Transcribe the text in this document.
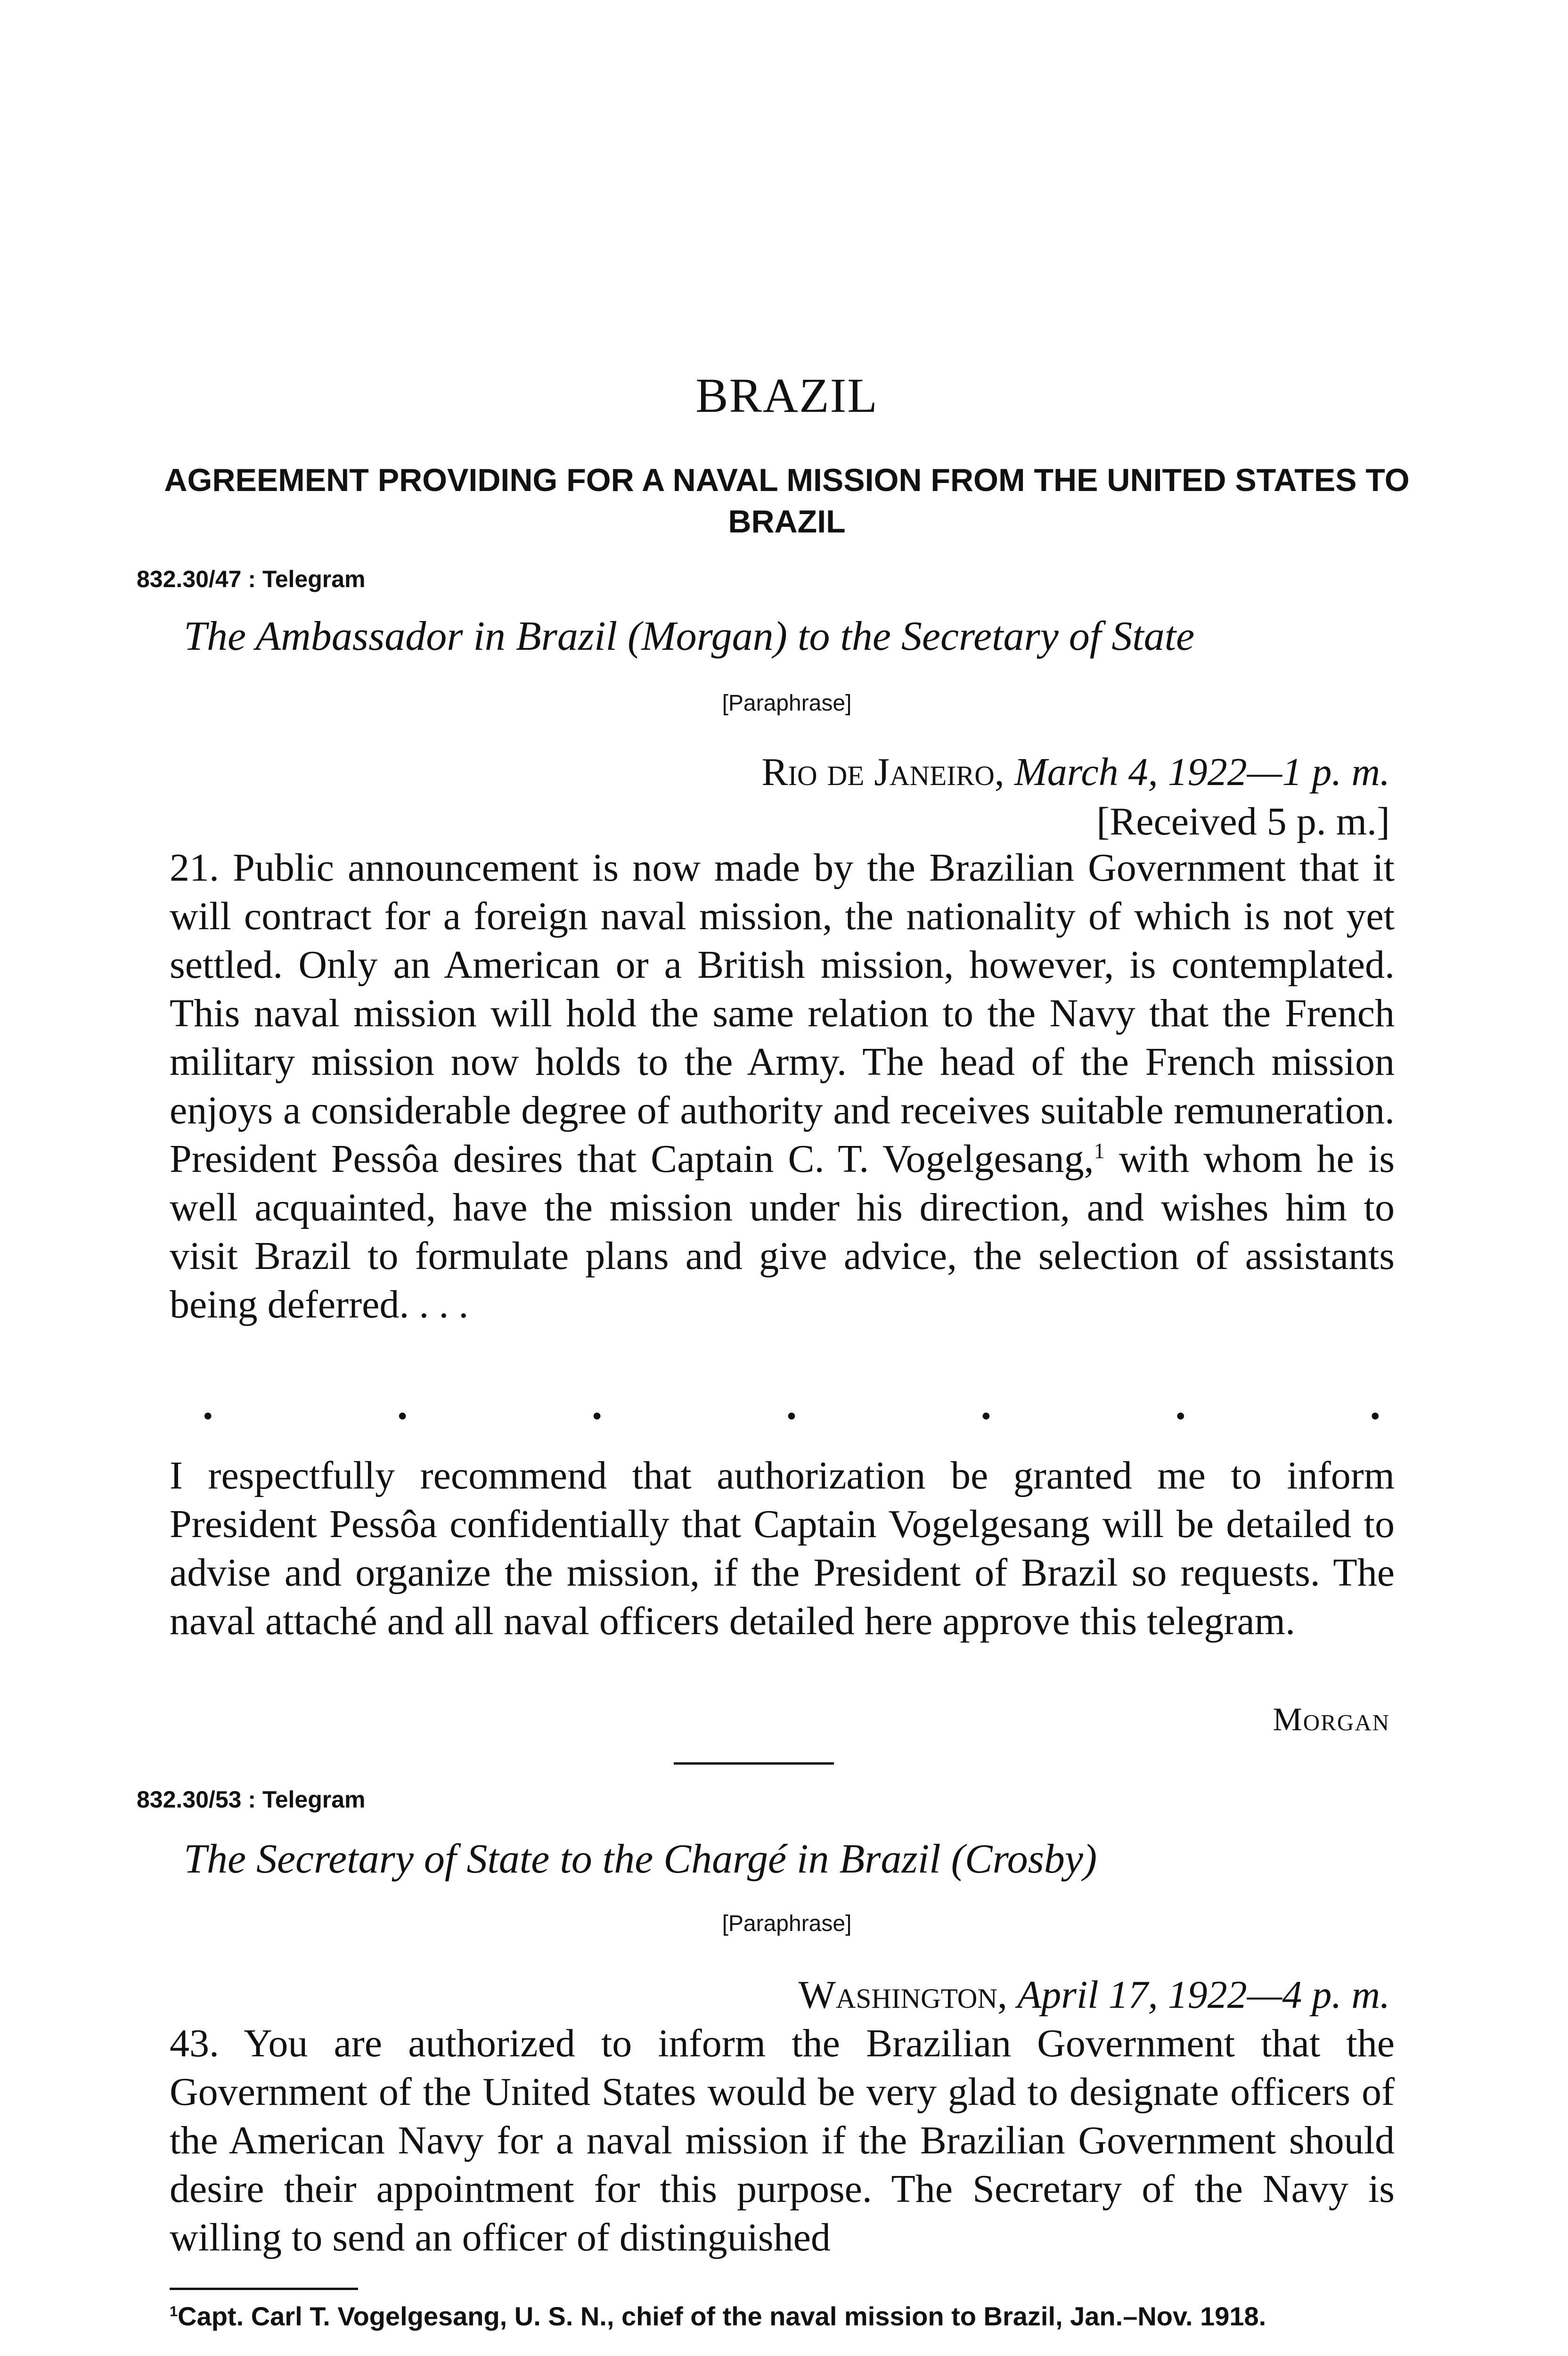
BRAZIL
AGREEMENT PROVIDING FOR A NAVAL MISSION FROM THE UNITED STATES TO BRAZIL
832.30/47 : Telegram
The Ambassador in Brazil (Morgan) to the Secretary of State
[Paraphrase]
Rio de Janeiro, March 4, 1922—1 p. m.
[Received 5 p. m.]

21. Public announcement is now made by the Brazilian Government that it will contract for a foreign naval mission, the nationality of which is not yet settled. Only an American or a British mission, however, is contemplated. This naval mission will hold the same relation to the Navy that the French military mission now holds to the Army. The head of the French mission enjoys a considerable degree of authority and receives suitable remuneration. President Pessôa desires that Captain C. T. Vogelgesang,$^1$ with whom he is well acquainted, have the mission under his direction, and wishes him to visit Brazil to formulate plans and give advice, the selection of assistants being deferred. . . .

.	.	.	.	.	.	.

I respectfully recommend that authorization be granted me to inform President Pessôa confidentially that Captain Vogelgesang will be detailed to advise and organize the mission, if the President of Brazil so requests. The naval attaché and all naval officers detailed here approve this telegram.

Morgan
832.30/53 : Telegram
The Secretary of State to the Chargé in Brazil (Crosby)
[Paraphrase]
Washington, April 17, 1922—4 p. m.

43. You are authorized to inform the Brazilian Government that the Government of the United States would be very glad to designate officers of the American Navy for a naval mission if the Brazilian Government should desire their appointment for this purpose. The Secretary of the Navy is willing to send an officer of distinguished

$^1$Capt. Carl T. Vogelgesang, U. S. N., chief of the naval mission to Brazil, Jan.–Nov. 1918.
